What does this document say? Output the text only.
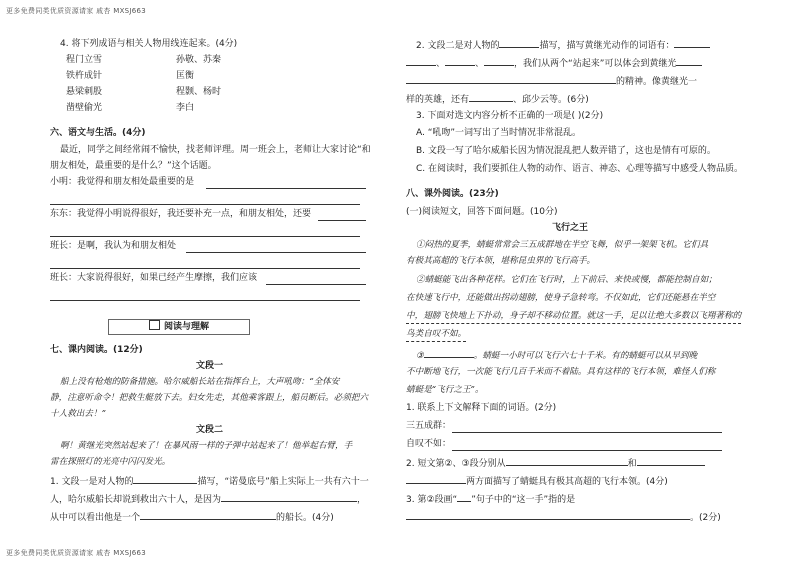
更多免费同类优质资源请家 戚杏 MXSJ663
更多免费同类优质资源请家 戚杏 MXSJ663
4. 将下列成语与相关人物用线连起来。(4分)
程门立雪	孙敬、苏秦
铁杵成针	匡衡
悬梁刺股	程颢、杨时
凿壁偷光	李白
六、语文与生活。(4分)
最近，同学之间经常闹不愉快，找老师评理。周一班会上，老师让大家讨论“和
朋友相处，最重要的是什么？”这个话题。
小明：我觉得和朋友相处最重要的是
东东：我觉得小明说得很好，我还要补充一点，和朋友相处，还要
班长：是啊，我认为和朋友相处
班长：大家说得很好，如果已经产生摩擦，我们应该
七、课内阅读。(12分)
文段一
船上没有枪炮的防备措施。哈尔威船长站在指挥台上，大声吼吻：“全体安
静，注意听命令！把救生艇放下去。妇女先走，其他乘客跟上，船员断后。必须把六
十人救出去！”
文段二
啊！黄继光突然站起来了！在暴风雨一样的子弹中站起来了！他举起右臂，手
雷在探照灯的光亮中闪闪发光。
1. 文段一是对人物的	描写，“诺曼底号”船上实际上一共有六十一
人，哈尔威船长却说到救出六十人，是因为	，
从中可以看出他是一个	的船长。(4分)
阅读与理解
2. 文段二是对人物的	描写，描写黄继光动作的词语有：
、	、	，我们从两个“站起来”可以体会到黄继光
的精神。像黄继光一
样的英雄，还有	、邱少云等。(6分)
3. 下面对选文内容分析不正确的一项是( )(2分)
A. “吼吻”一词写出了当时情况非常混乱。
B. 文段一写了哈尔威船长因为情况混乱把人数弄错了，这也是情有可原的。
C. 在阅读时，我们要抓住人物的动作、语言、神态、心理等描写中感受人物品质。
八、课外阅读。(23分)
(一)阅读短文，回答下面问题。(10分)
飞行之王
①闷热的夏季，蜻蜓常常会三五成群地在半空飞舞，似乎一架架飞机。它们具
有极其高超的飞行本领，堪称昆虫界的飞行高手。
②蜻蜓能飞出各种花样。它们在飞行时，上下前后、来快或慢，都能控制自如；
在快速飞行中，还能做出拐动翅膀，使身子急转弯。不仅如此，它们还能悬在半空
中，翅膀飞快地上下扑动，身子却不移动位置。就这一手，足以让绝大多数以飞翔著称的
鸟类自叹不如。
③	。蜻蜓一小时可以飞行六七十千米。有的蜻蜓可以从早到晚
不中断地飞行，一次能飞行几百千米而不着陆。具有这样的飞行本领，难怪人们称
蜻蜓是“飞行之王”。
1. 联系上下文解释下面的词语。(2分)
三五成群：
自叹不如：
2. 短文第②、③段分别从	和
两方面描写了蜻蜓具有极其高超的飞行本领。(4分)
3. 第②段画“ ”句子中的“这一手”指的是
。(2分)
